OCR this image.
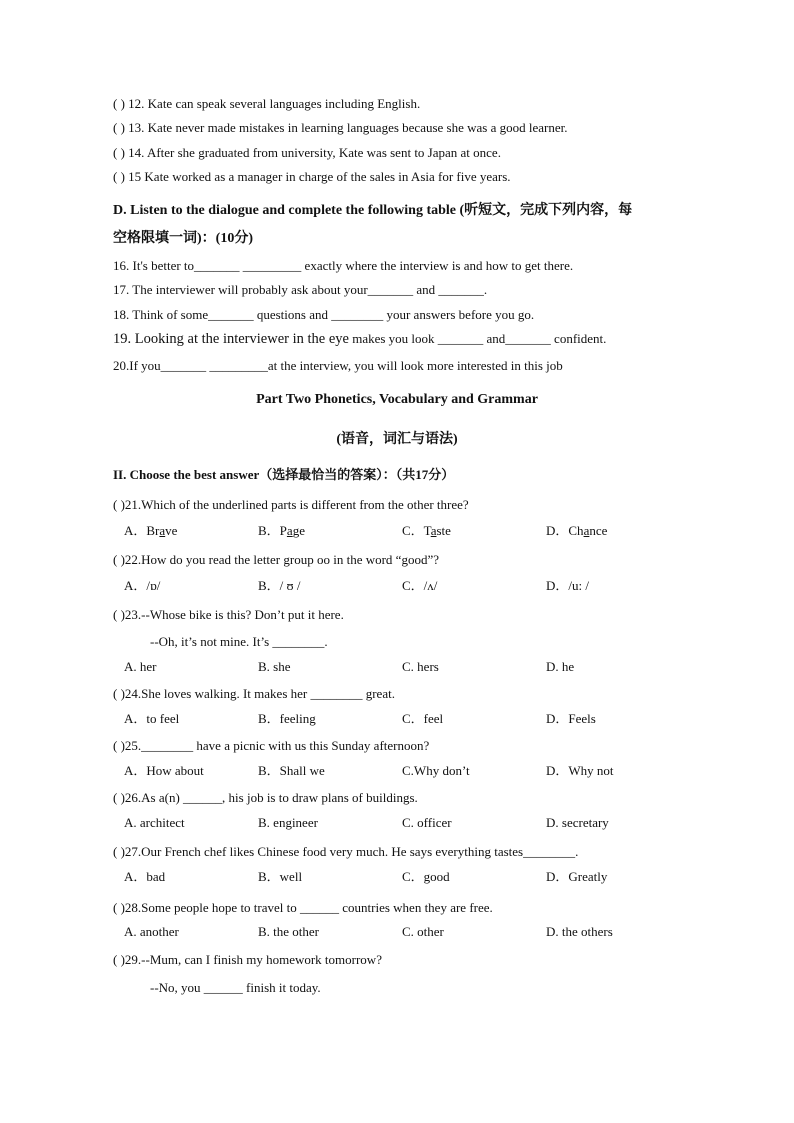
( ) 12. Kate can speak several languages including English.
( ) 13. Kate never made mistakes in learning languages because she was a good learner.
( ) 14. After she graduated from university, Kate was sent to Japan at once.
( ) 15 Kate worked as a manager in charge of the sales in Asia for five years.
D. Listen to the dialogue and complete the following table (听短文，完成下列内容，每
空格限填一词)：(10分)
16. It's better to_______ _________ exactly where the interview is and how to get there.
17. The interviewer will probably ask about your_______ and _______.
18. Think of some_______ questions and ________ your answers before you go.
19. Looking at the interviewer in the eye makes you look _______ and_______ confident.
20.If you_______ _________at the interview, you will look more interested in this job
Part Two Phonetics, Vocabulary and Grammar
(语音，词汇与语法)
II. Choose the best answer（选择最恰当的答案）：（共17分）
( )21.Which of the underlined parts is different from the other three?
A．Brave	B．Page	C．Taste	D．Chance
( )22.How do you read the letter group oo in the word “good”?
A．/ɒ/	B．/ ʊ /	C．/ʌ/	D．/u: /
( )23.--Whose bike is this? Don’t put it here.
--Oh, it’s not mine. It’s ________.
A. her	B. she	C. hers	D. he
( )24.She loves walking. It makes her ________ great.
A．to feel	B．feeling	C．feel	D．Feels
( )25.________ have a picnic with us this Sunday afternoon?
A．How about	B．Shall we	C.Why don’t	D．Why not
( )26.As a(n) ______, his job is to draw plans of buildings.
A. architect	B. engineer	C. officer	D. secretary
( )27.Our French chef likes Chinese food very much. He says everything tastes________.
A．bad	B．well	C．good	D．Greatly
( )28.Some people hope to travel to ______ countries when they are free.
A. another	B. the other	C. other	D. the others
( )29.--Mum, can I finish my homework tomorrow?
--No, you ______ finish it today.
